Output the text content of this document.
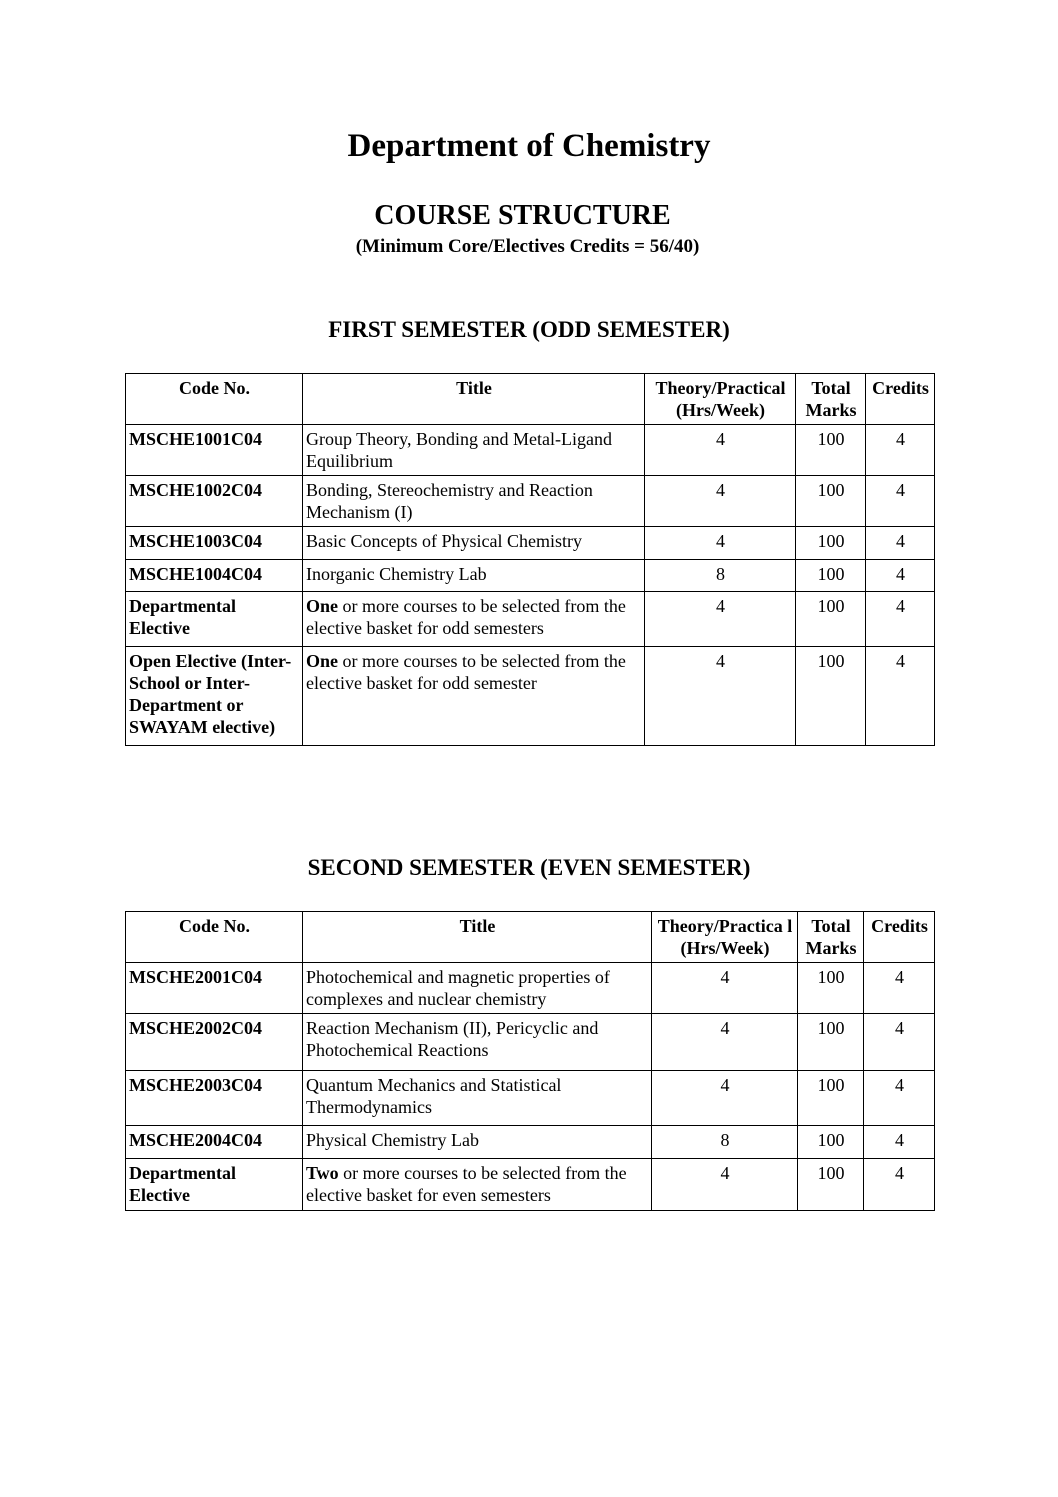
Department of Chemistry
COURSE STRUCTURE
(Minimum Core/Electives Credits = 56/40)
FIRST SEMESTER (ODD SEMESTER)
Code No.	Title	Theory/Practical (Hrs/Week)	Total Marks	Credits
MSCHE1001C04	Group Theory, Bonding and Metal-Ligand Equilibrium	4	100	4
MSCHE1002C04	Bonding, Stereochemistry and Reaction Mechanism (I)	4	100	4
MSCHE1003C04	Basic Concepts of Physical Chemistry	4	100	4
MSCHE1004C04	Inorganic Chemistry Lab	8	100	4
Departmental Elective	One or more courses to be selected from the elective basket for odd semesters	4	100	4

Open Elective (Inter-School or Inter-Department or SWAYAM elective)	One or more courses to be selected from the elective basket for odd semester	4	100	4
SECOND SEMESTER (EVEN SEMESTER)
Code No.	Title	Theory/Practica l (Hrs/Week)	Total Marks	Credits
MSCHE2001C04	Photochemical and magnetic properties of complexes and nuclear chemistry	4	100	4
MSCHE2002C04	Reaction Mechanism (II), Pericyclic and Photochemical Reactions	4	100	4
MSCHE2003C04	Quantum Mechanics and Statistical Thermodynamics	4	100	4
MSCHE2004C04	Physical Chemistry Lab	8	100	4
Departmental Elective	Two or more courses to be selected from the elective basket for even semesters	4	100	4
